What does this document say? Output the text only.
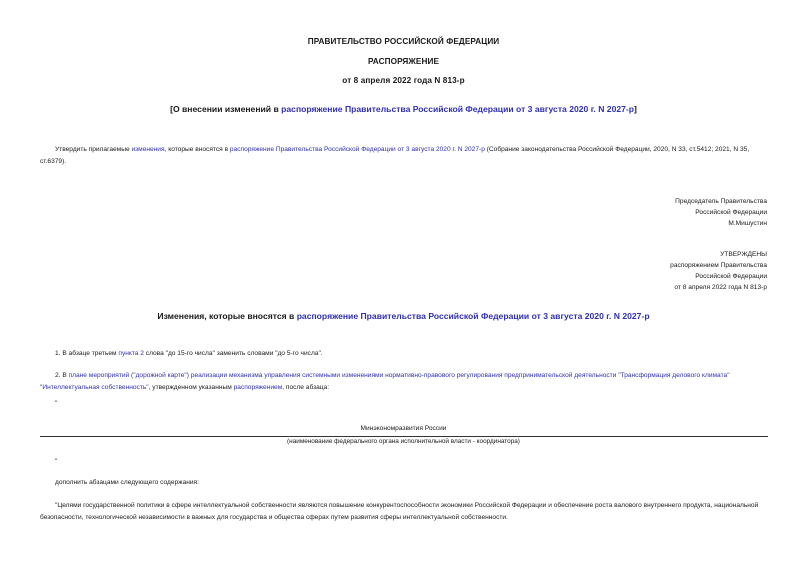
ПРАВИТЕЛЬСТВО РОССИЙСКОЙ ФЕДЕРАЦИИ
РАСПОРЯЖЕНИЕ
от 8 апреля 2022 года N 813-р
[О внесении изменений в распоряжение Правительства Российской Федерации от 3 августа 2020 г. N 2027-р]
Утвердить прилагаемые изменения, которые вносятся в распоряжение Правительства Российской Федерации от 3 августа 2020 г. N 2027-р (Собрание законодательства Российской Федерации, 2020, N 33, ст.5412; 2021, N 35, ст.6379).
Председатель Правительства
Российской Федерации
М.Мишустин
УТВЕРЖДЕНЫ
распоряжением Правительства
Российской Федерации
от 8 апреля 2022 года N 813-р
Изменения, которые вносятся в распоряжение Правительства Российской Федерации от 3 августа 2020 г. N 2027-р
1. В абзаце третьем пункта 2 слова "до 15-го числа" заменить словами "до 5-го числа".
2. В плане мероприятий ("дорожной карте") реализации механизма управления системными изменениями нормативно-правового регулирования предпринимательской деятельности "Трансформация делового климата" "Интеллектуальная собственность", утвержденном указанным распоряжением, после абзаца:
"
Минэкономразвития России
(наименование федерального органа исполнительной власти - координатора)
"
дополнить абзацами следующего содержания:
"Целями государственной политики в сфере интеллектуальной собственности являются повышение конкурентоспособности экономики Российской Федерации и обеспечение роста валового внутреннего продукта, национальной безопасности, технологической независимости в важных для государства и общества сферах путем развития сферы интеллектуальной собственности.
